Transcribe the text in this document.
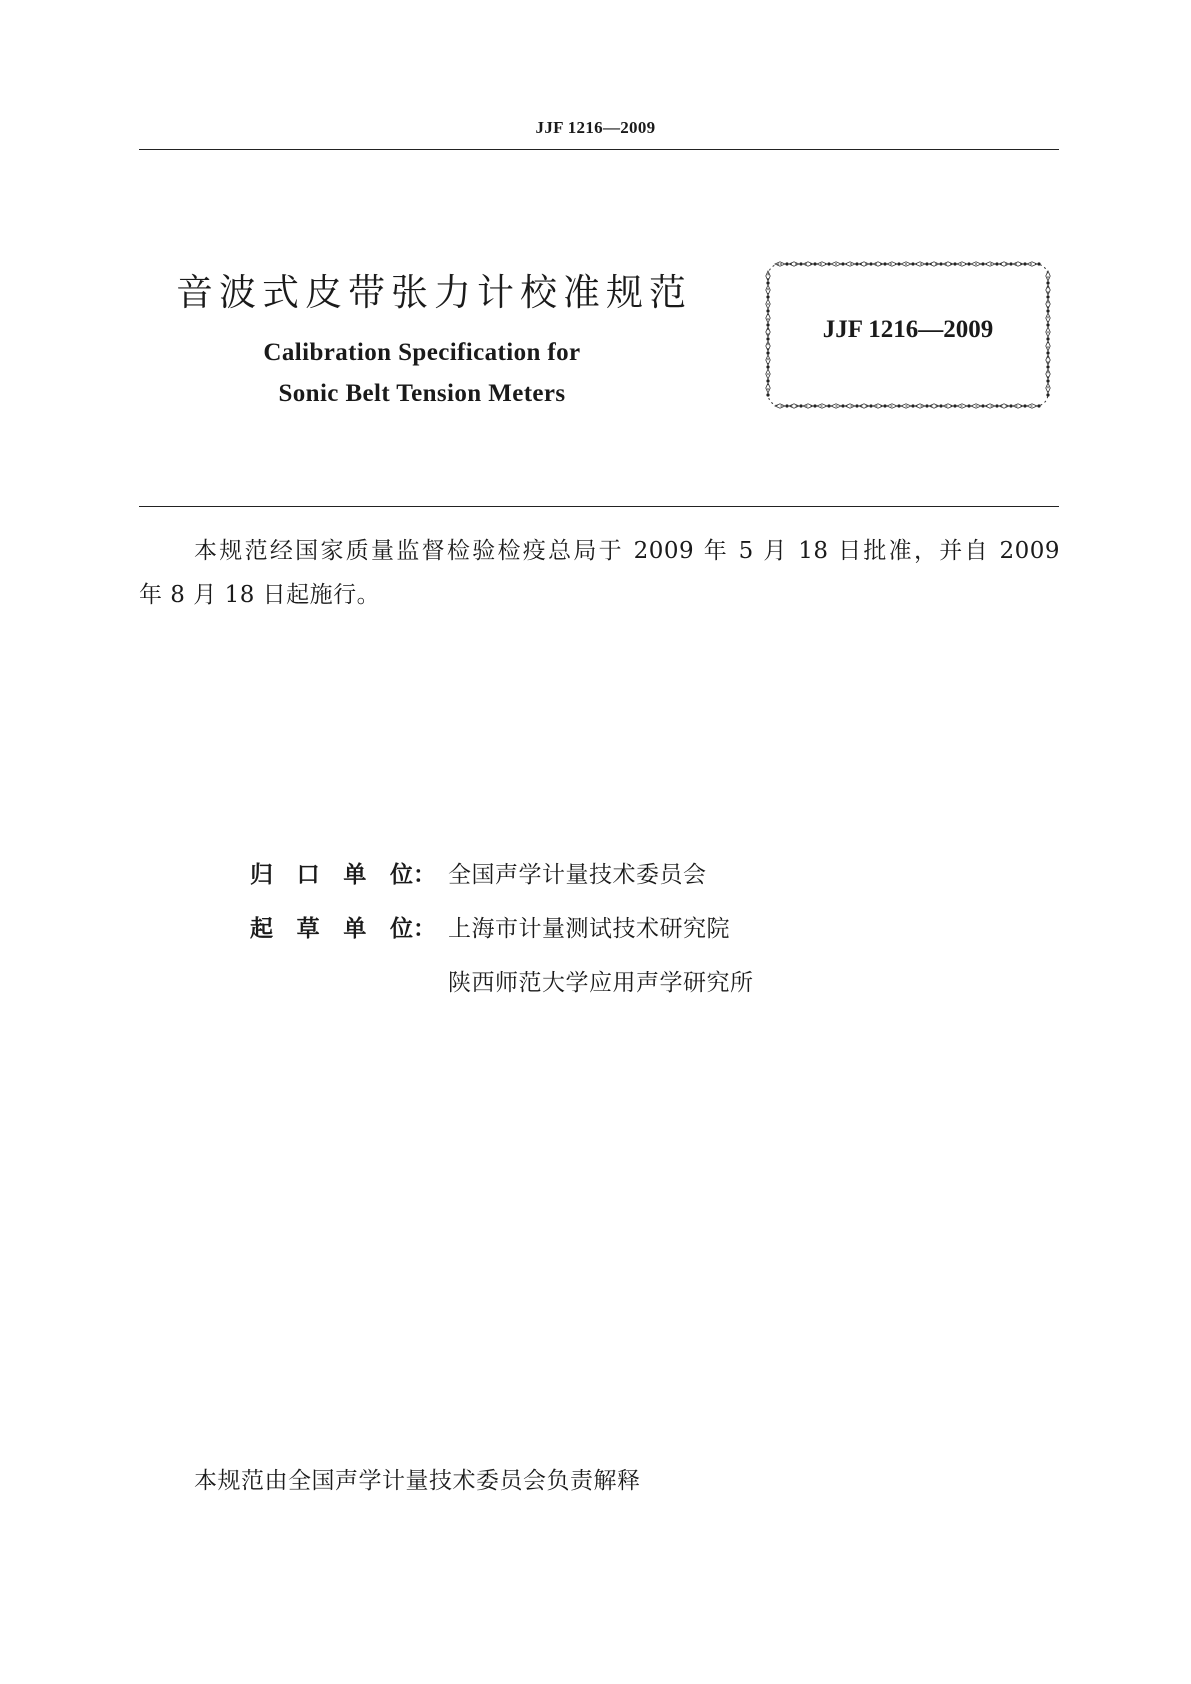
JJF 1216—2009
音波式皮带张力计校准规范
Calibration Specification for
Sonic Belt Tension Meters
JJF 1216—2009
本规范经国家质量监督检验检疫总局于 2009 年 5 月 18 日批准，并自 2009
年 8 月 18 日起施行。
归 口 单 位： 全国声学计量技术委员会
起 草 单 位： 上海市计量测试技术研究院
陕西师范大学应用声学研究所
本规范由全国声学计量技术委员会负责解释
